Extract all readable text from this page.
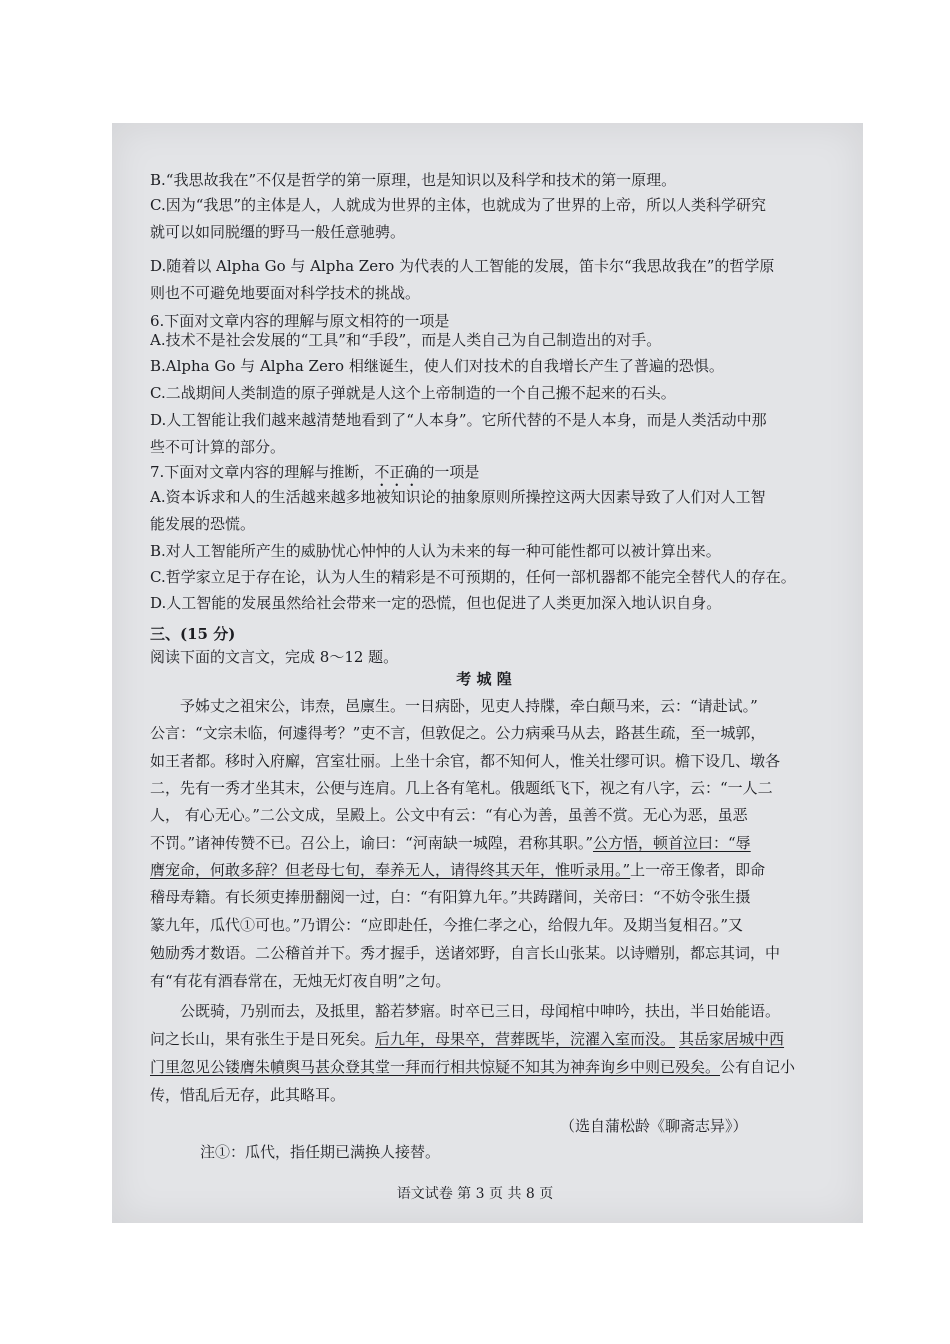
B.“我思故我在”不仅是哲学的第一原理，也是知识以及科学和技术的第一原理。
C.因为“我思”的主体是人，人就成为世界的主体，也就成为了世界的上帝，所以人类科学研究
就可以如同脱缰的野马一般任意驰骋。
D.随着以 Alpha Go 与 Alpha Zero 为代表的人工智能的发展，笛卡尔“我思故我在”的哲学原
则也不可避免地要面对科学技术的挑战。
6.下面对文章内容的理解与原文相符的一项是
A.技术不是社会发展的“工具”和“手段”，而是人类自己为自己制造出的对手。
B.Alpha Go 与 Alpha Zero 相继诞生，使人们对技术的自我增长产生了普遍的恐惧。
C.二战期间人类制造的原子弹就是人这个上帝制造的一个自己搬不起来的石头。
D.人工智能让我们越来越清楚地看到了“人本身”。它所代替的不是人本身，而是人类活动中那
些不可计算的部分。
7.下面对文章内容的理解与推断，不正确的一项是
A.资本诉求和人的生活越来越多地被知识论的抽象原则所操控这两大因素导致了人们对人工智
能发展的恐慌。
B.对人工智能所产生的威胁忧心忡忡的人认为未来的每一种可能性都可以被计算出来。
C.哲学家立足于存在论，认为人生的精彩是不可预期的，任何一部机器都不能完全替代人的存在。
D.人工智能的发展虽然给社会带来一定的恐慌，但也促进了人类更加深入地认识自身。
三、(15 分)
阅读下面的文言文，完成 8～12 题。
考 城 隍
予姊丈之祖宋公，讳焘，邑廪生。一日病卧，见吏人持牒，牵白颠马来，云：“请赴试。”
公言：“文宗未临，何遽得考？”吏不言，但敦促之。公力病乘马从去，路甚生疏，至一城郭，
如王者都。移时入府廨，宫室壮丽。上坐十余官，都不知何人，惟关壮缪可识。檐下设几、墩各
二，先有一秀才坐其末，公便与连肩。几上各有笔札。俄题纸飞下，视之有八字，云：“一人二
人， 有心无心。”二公文成，呈殿上。公文中有云：“有心为善，虽善不赏。无心为恶，虽恶
不罚。”诸神传赞不已。召公上，谕曰：“河南缺一城隍，君称其职。”公方悟，顿首泣曰：“辱
膺宠命，何敢多辞？但老母七旬，奉养无人，请得终其天年，惟听录用。”上一帝王像者，即命
稽母寿籍。有长须吏捧册翻阅一过，白：“有阳算九年。”共踌躇间，关帝曰：“不妨令张生摄
篆九年，瓜代①可也。”乃谓公：“应即赴任，今推仁孝之心，给假九年。及期当复相召。”又
勉励秀才数语。二公稽首并下。秀才握手，送诸郊野，自言长山张某。以诗赠别，都忘其词，中
有“有花有酒春常在，无烛无灯夜自明”之句。
公既骑，乃别而去，及抵里，豁若梦寤。时卒已三日，母闻棺中呻吟，扶出，半日始能语。
问之长山，果有张生于是日死矣。后九年，母果卒，营葬既毕，浣濯入室而没。 其岳家居城中西
门里忽见公镂膺朱幩舆马甚众登其堂一拜而行相共惊疑不知其为神奔询乡中则已殁矣。公有自记小
传，惜乱后无存，此其略耳。
（选自蒲松龄《聊斋志异》）
注①：瓜代，指任期已满换人接替。
语文试卷 第 3 页 共 8 页
